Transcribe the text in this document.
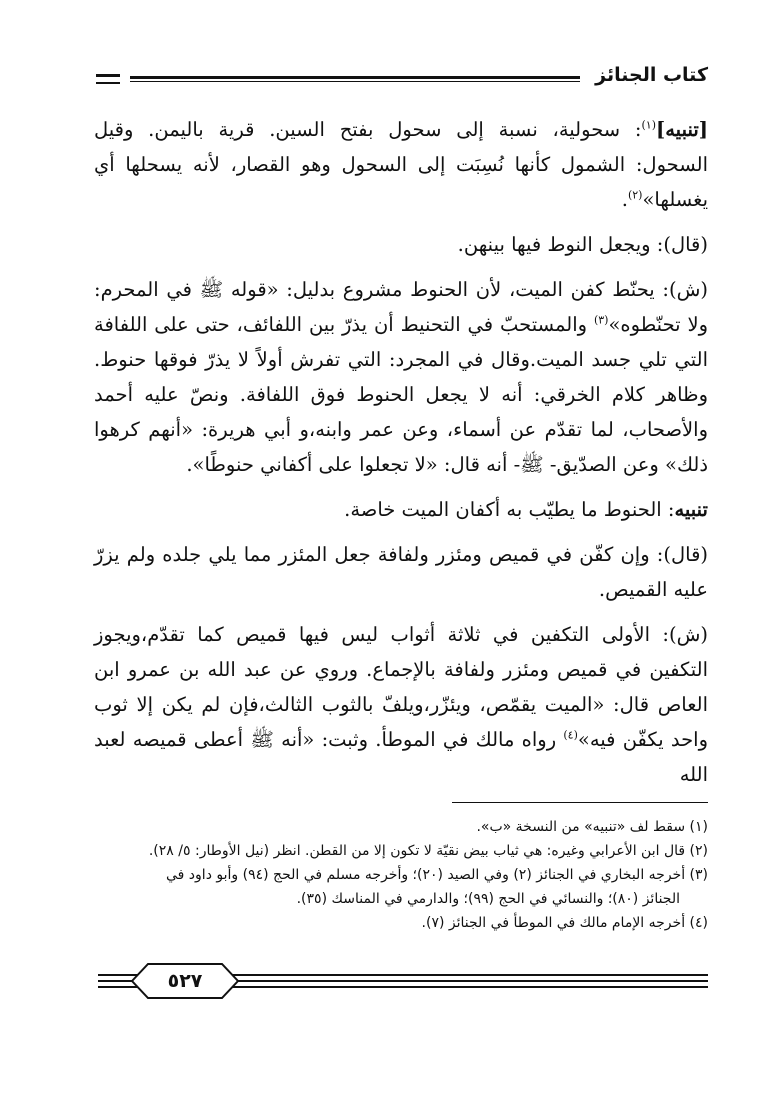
كتاب الجنائز

[تنبيه]$^{(١)}$: سحولية، نسبة إلى سحول بفتح السين. قرية باليمن. وقيل السحول: الشمول كأنها نُسِبَت إلى السحول وهو القصار، لأنه يسحلها أي يغسلها»$^{(٢)}$.

(قال): ويجعل النوط فيها بينهن.

(ش): يحنّط كفن الميت، لأن الحنوط مشروع بدليل: «قوله ﷺ في المحرم: ولا تحنّطوه»$^{(٣)}$ والمستحبّ في التحنيط أن يذرّ بين اللفائف، حتى على اللفافة التي تلي جسد الميت.وقال في المجرد: التي تفرش أولاً لا يذرّ فوقها حنوط. وظاهر كلام الخرقي: أنه لا يجعل الحنوط فوق اللفافة. ونصّ عليه أحمد والأصحاب، لما تقدّم عن أسماء، وعن عمر وابنه،و أبي هريرة: «أنهم كرهوا ذلك» وعن الصدّيق- ﷺ- أنه قال: «لا تجعلوا على أكفاني حنوطًا».

تنبيه: الحنوط ما يطيّب به أكفان الميت خاصة.

(قال): وإن كفّن في قميص ومئزر ولفافة جعل المئزر مما يلي جلده ولم يزرّ عليه القميص.

(ش): الأولى التكفين في ثلاثة أثواب ليس فيها قميص كما تقدّم،ويجوز التكفين في قميص ومئزر ولفافة بالإجماع. وروي عن عبد الله بن عمرو ابن العاص قال: «الميت يقمّص، ويئزّر،ويلفّ بالثوب الثالث،فإن لم يكن إلا ثوب واحد يكفّن فيه»$^{(٤)}$ رواه مالك في الموطأ. وثبت: «أنه ﷺ أعطى قميصه لعبد الله

(١) سقط لف «تنبيه» من النسخة «ب».

(٢) قال ابن الأعرابي وغيره: هي ثياب بيض نقيّة لا تكون إلا من القطن. انظر (نيل الأوطار: ٥/ ٢٨).

(٣) أخرجه البخاري في الجنائز (٢) وفي الصيد (٢٠)؛ وأخرجه مسلم في الحج (٩٤) وأبو داود في

الجنائز (٨٠)؛ والنسائي في الحج (٩٩)؛ والدارمي في المناسك (٣٥).

(٤) أخرجه الإمام مالك في الموطأ في الجنائز (٧).

٥٢٧
